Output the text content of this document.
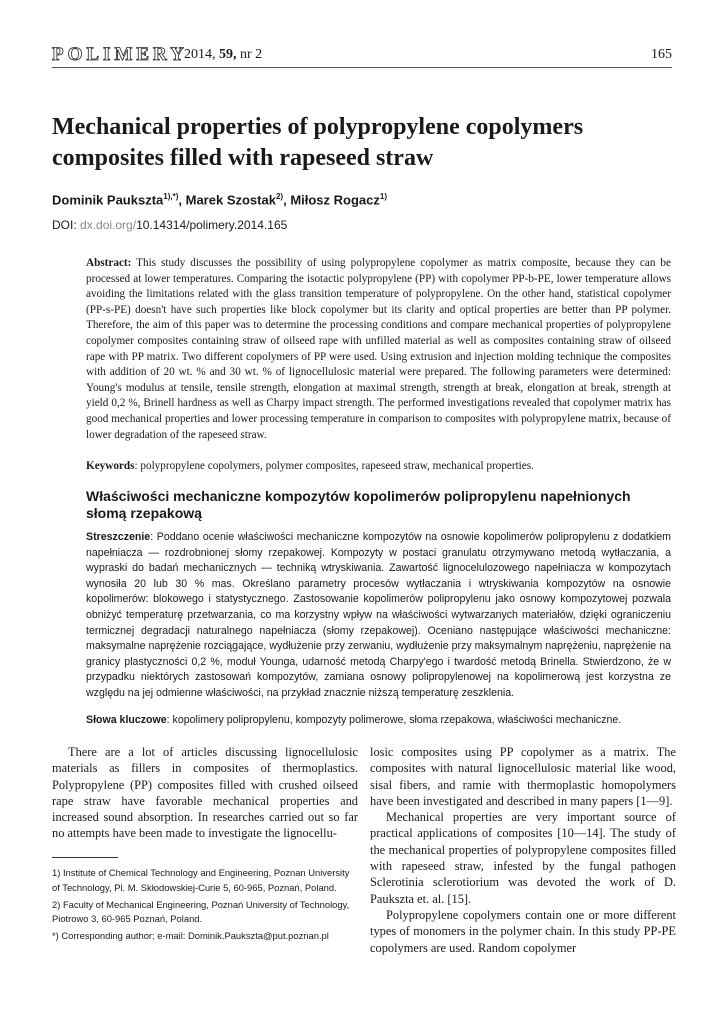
POLIMERY
2014, 59, nr 2	165
Mechanical properties of polypropylene copolymers composites filled with rapeseed straw
Dominik Paukszta$^{1),*)}$, Marek Szostak$^{2)}$, Miłosz Rogacz$^{1)}$
DOI: dx.doi.org/10.14314/polimery.2014.165
Abstract: This study discusses the possibility of using polypropylene copolymer as matrix composite, because they can be processed at lower temperatures. Comparing the isotactic polypropylene (PP) with copolymer PP-b-PE, lower temperature allows avoiding the limitations related with the glass transition temperature of polypropylene. On the other hand, statistical copolymer (PP-s-PE) doesn't have such properties like block copolymer but its clarity and optical properties are better than PP polymer. Therefore, the aim of this paper was to determine the processing conditions and compare mechanical properties of polypropylene copolymer composites containing straw of oilseed rape with unfilled material as well as composites containing straw of oilseed rape with PP matrix. Two different copolymers of PP were used. Using extrusion and injection molding technique the composites with addition of 20 wt. % and 30 wt. % of lignocellulosic material were prepared. The following parameters were determined: Young's modulus at tensile, tensile strength, elongation at maximal strength, strength at break, elongation at break, strength at yield 0,2 %, Brinell hardness as well as Charpy impact strength. The performed investigations revealed that copolymer matrix has good mechanical properties and lower processing temperature in comparison to composites with polypropylene matrix, because of lower degradation of the rapeseed straw.
Keywords: polypropylene copolymers, polymer composites, rapeseed straw, mechanical properties.
Właściwości mechaniczne kompozytów kopolimerów polipropylenu napełnionych słomą rzepakową
Streszczenie: Poddano ocenie właściwości mechaniczne kompozytów na osnowie kopolimerów polipropylenu z dodatkiem napełniacza — rozdrobnionej słomy rzepakowej. Kompozyty w postaci granulatu otrzymywano metodą wytłaczania, a wypraski do badań mechanicznych — techniką wtryskiwania. Zawartość lignocelulozowego napełniacza w kompozytach wynosiła 20 lub 30 % mas. Określano parametry procesów wytłaczania i wtryskiwania kompozytów na osnowie kopolimerów: blokowego i statystycznego. Zastosowanie kopolimerów polipropylenu jako osnowy kompozytowej pozwala obniżyć temperaturę przetwarzania, co ma korzystny wpływ na właściwości wytwarzanych materiałów, dzięki ograniczeniu termicznej degradacji naturalnego napełniacza (słomy rzepakowej). Oceniano następujące właściwości mechaniczne: maksymalne naprężenie rozciągające, wydłużenie przy zerwaniu, wydłużenie przy maksymalnym naprężeniu, naprężenie na granicy plastyczności 0,2 %, moduł Younga, udarność metodą Charpy'ego i twardość metodą Brinella. Stwierdzono, że w przypadku niektórych zastosowań kompozytów, zamiana osnowy polipropylenowej na kopolimerową jest korzystna ze względu na jej odmienne właściwości, na przykład znacznie niższą temperaturę zeszklenia.
Słowa kluczowe: kopolimery polipropylenu, kompozyty polimerowe, słoma rzepakowa, właściwości mechaniczne.

There are a lot of articles discussing lignocellulosic materials as fillers in composites of thermoplastics. Polypropylene (PP) composites filled with crushed oilseed rape straw have favorable mechanical properties and increased sound absorption. In researches carried out so far no attempts have been made to investigate the lignocellu-

1) Institute of Chemical Technology and Engineering, Poznan University of Technology, Pl. M. Skłodowskiej-Curie 5, 60-965, Poznań, Poland.
2) Faculty of Mechanical Engineering, Poznań University of Technology, Piotrowo 3, 60-965 Poznań, Poland.
*) Corresponding author; e-mail: Dominik.Paukszta@put.poznan.pl

losic composites using PP copolymer as a matrix. The composites with natural lignocellulosic material like wood, sisal fibers, and ramie with thermoplastic homopolymers have been investigated and described in many papers [1—9].

Mechanical properties are very important source of practical applications of composites [10—14]. The study of the mechanical properties of polypropylene composites filled with rapeseed straw, infested by the fungal pathogen Sclerotinia sclerotiorium was devoted the work of D. Paukszta et. al. [15].

Polypropylene copolymers contain one or more different types of monomers in the polymer chain. In this study PP-PE copolymers are used. Random copolymer
